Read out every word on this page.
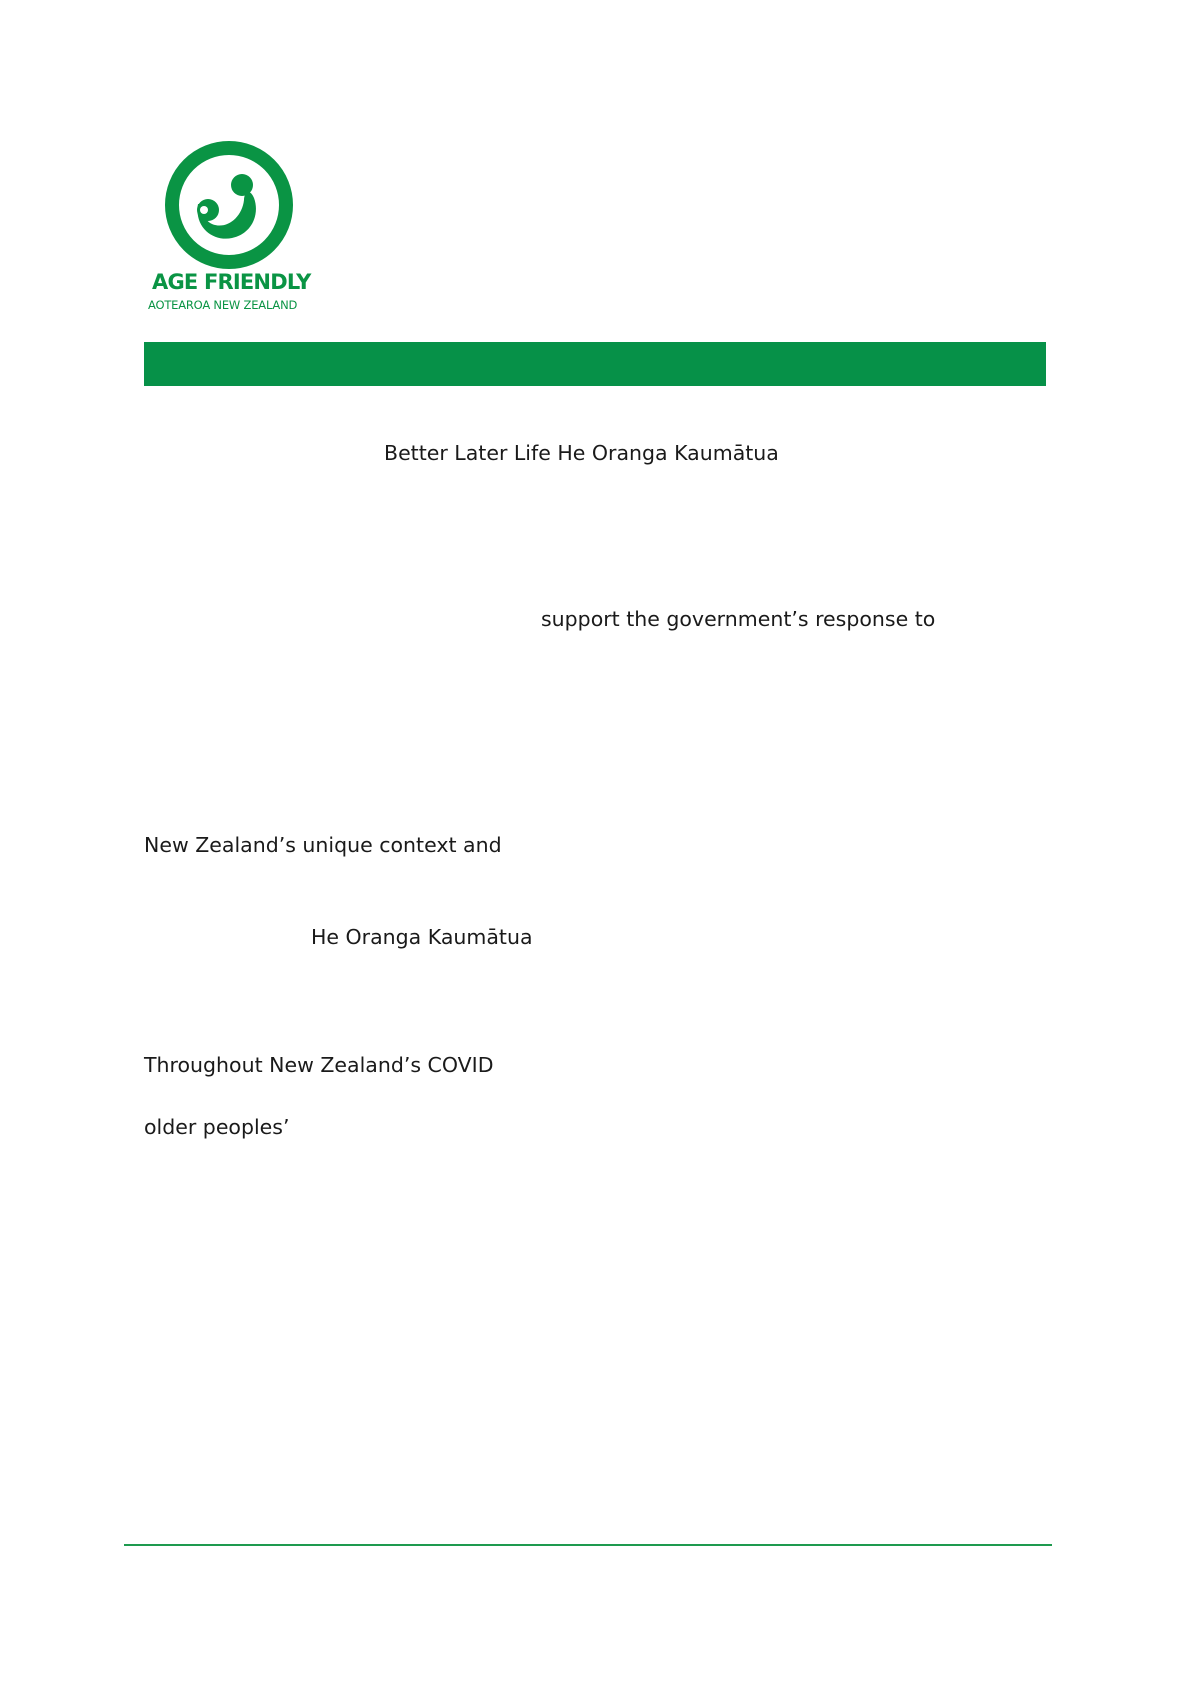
AGE FRIENDLY
AOTEAROA NEW ZEALAND
Better Later Life He Oranga Kaumātua
support the government’s response to
New Zealand’s unique context and
He Oranga Kaumātua
Throughout New Zealand’s COVID
older peoples’
